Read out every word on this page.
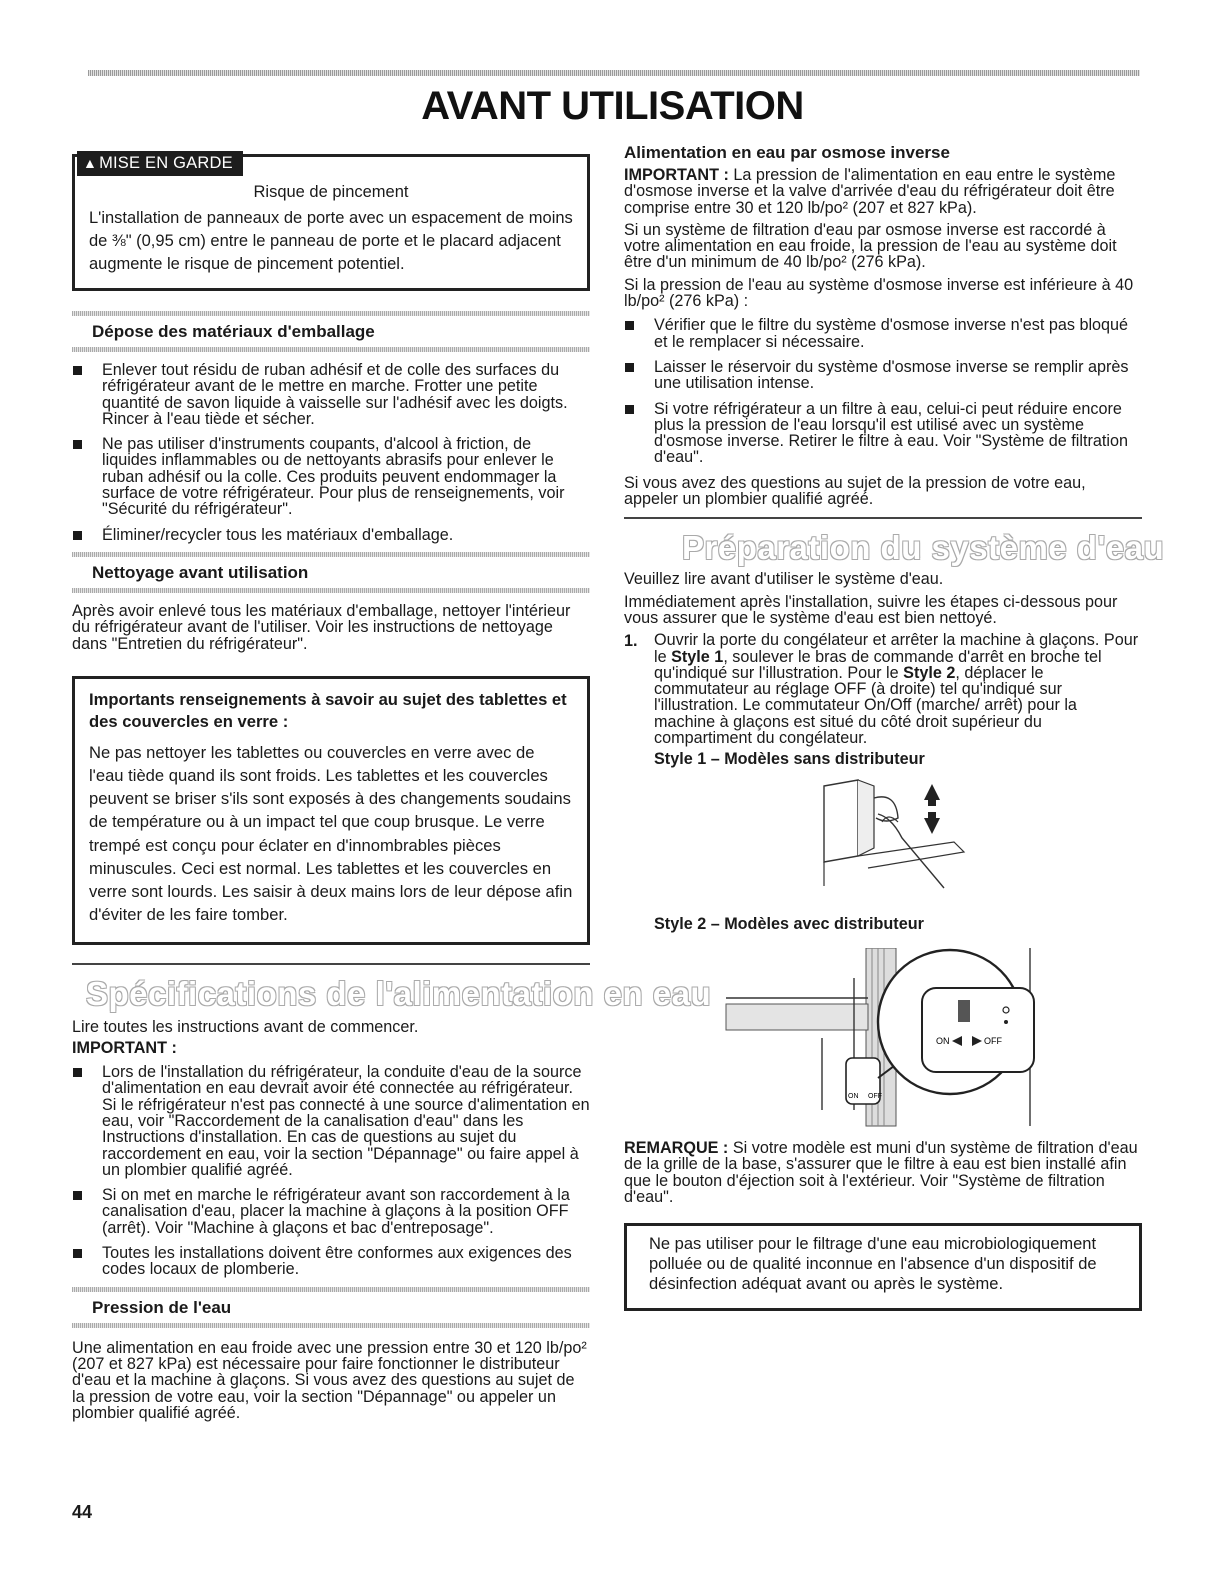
AVANT UTILISATION
▲ MISE EN GARDE

Risque de pincement

L'installation de panneaux de porte avec un espacement de moins de ⅜" (0,95 cm) entre le panneau de porte et le placard adjacent augmente le risque de pincement potentiel.

Dépose des matériaux d'emballage
Enlever tout résidu de ruban adhésif et de colle des surfaces du réfrigérateur avant de le mettre en marche. Frotter une petite quantité de savon liquide à vaisselle sur l'adhésif avec les doigts. Rincer à l'eau tiède et sécher.
Ne pas utiliser d'instruments coupants, d'alcool à friction, de liquides inflammables ou de nettoyants abrasifs pour enlever le ruban adhésif ou la colle. Ces produits peuvent endommager la surface de votre réfrigérateur. Pour plus de renseignements, voir "Sécurité du réfrigérateur".
Éliminer/recycler tous les matériaux d'emballage.
Nettoyage avant utilisation

Après avoir enlevé tous les matériaux d'emballage, nettoyer l'intérieur du réfrigérateur avant de l'utiliser. Voir les instructions de nettoyage dans "Entretien du réfrigérateur".

Importants renseignements à savoir au sujet des tablettes et des couvercles en verre :

Ne pas nettoyer les tablettes ou couvercles en verre avec de l'eau tiède quand ils sont froids. Les tablettes et les couvercles peuvent se briser s'ils sont exposés à des changements soudains de température ou à un impact tel que coup brusque. Le verre trempé est conçu pour éclater en d'innombrables pièces minuscules. Ceci est normal. Les tablettes et les couvercles en verre sont lourds. Les saisir à deux mains lors de leur dépose afin d'éviter de les faire tomber.

Spécifications de l'alimentation en eau

Lire toutes les instructions avant de commencer.

IMPORTANT :

Lors de l'installation du réfrigérateur, la conduite d'eau de la source d'alimentation en eau devrait avoir été connectée au réfrigérateur. Si le réfrigérateur n'est pas connecté à une source d'alimentation en eau, voir "Raccordement de la canalisation d'eau" dans les Instructions d'installation. En cas de questions au sujet du raccordement en eau, voir la section "Dépannage" ou faire appel à un plombier qualifié agréé.
Si on met en marche le réfrigérateur avant son raccordement à la canalisation d'eau, placer la machine à glaçons à la position OFF (arrêt). Voir "Machine à glaçons et bac d'entreposage".
Toutes les installations doivent être conformes aux exigences des codes locaux de plomberie.
Pression de l'eau

Une alimentation en eau froide avec une pression entre 30 et 120 lb/po² (207 et 827 kPa) est nécessaire pour faire fonctionner le distributeur d'eau et la machine à glaçons. Si vous avez des questions au sujet de la pression de votre eau, voir la section "Dépannage" ou appeler un plombier qualifié agréé.

Alimentation en eau par osmose inverse

IMPORTANT : La pression de l'alimentation en eau entre le système d'osmose inverse et la valve d'arrivée d'eau du réfrigérateur doit être comprise entre 30 et 120 lb/po² (207 et 827 kPa).

Si un système de filtration d'eau par osmose inverse est raccordé à votre alimentation en eau froide, la pression de l'eau au système doit être d'un minimum de 40 lb/po² (276 kPa).

Si la pression de l'eau au système d'osmose inverse est inférieure à 40 lb/po² (276 kPa) :

Vérifier que le filtre du système d'osmose inverse n'est pas bloqué et le remplacer si nécessaire.
Laisser le réservoir du système d'osmose inverse se remplir après une utilisation intense.
Si votre réfrigérateur a un filtre à eau, celui-ci peut réduire encore plus la pression de l'eau lorsqu'il est utilisé avec un système d'osmose inverse. Retirer le filtre à eau. Voir "Système de filtration d'eau".

Si vous avez des questions au sujet de la pression de votre eau, appeler un plombier qualifié agréé.

Préparation du système d'eau

Veuillez lire avant d'utiliser le système d'eau.

Immédiatement après l'installation, suivre les étapes ci-dessous pour vous assurer que le système d'eau est bien nettoyé.

1. Ouvrir la porte du congélateur et arrêter la machine à glaçons. Pour le Style 1, soulever le bras de commande d'arrêt en broche tel qu'indiqué sur l'illustration. Pour le Style 2, déplacer le commutateur au réglage OFF (à droite) tel qu'indiqué sur l'illustration. Le commutateur On/Off (marche/ arrêt) pour la machine à glaçons est situé du côté droit supérieur du compartiment du congélateur.

Style 1 – Modèles sans distributeur

Style 2 – Modèles avec distributeur

ON OFF
ON	OFF

REMARQUE : Si votre modèle est muni d'un système de filtration d'eau de la grille de la base, s'assurer que le filtre à eau est bien installé afin que le bouton d'éjection soit à l'extérieur. Voir "Système de filtration d'eau".

Ne pas utiliser pour le filtrage d'une eau microbiologiquement polluée ou de qualité inconnue en l'absence d'un dispositif de désinfection adéquat avant ou après le système.

44
